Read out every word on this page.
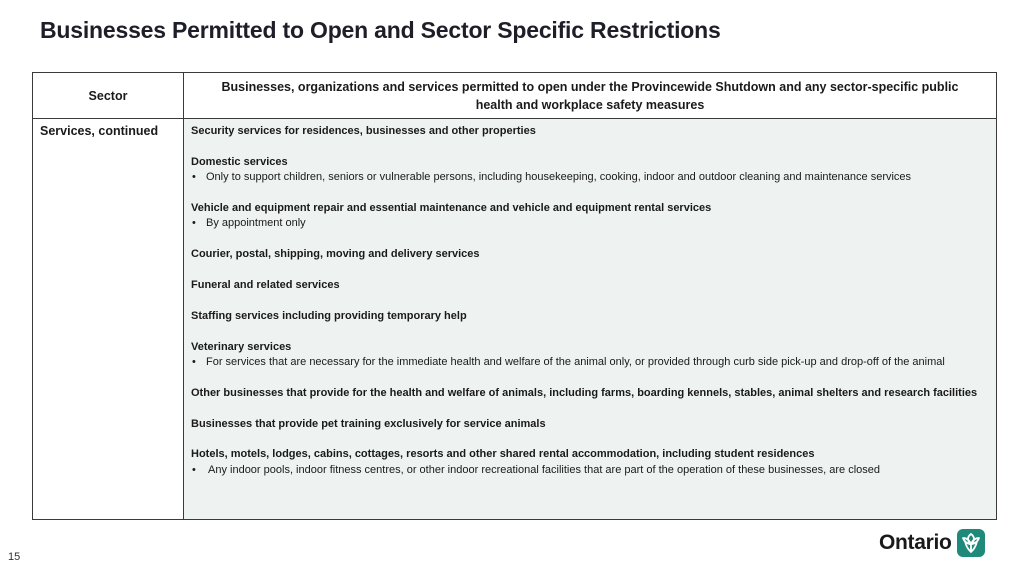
Businesses Permitted to Open and Sector Specific Restrictions
Sector
Businesses, organizations and services permitted to open under the Provincewide Shutdown and any sector-specific public health and workplace safety measures
Services, continued	Security services for residences, businesses and other properties
Domestic services
• Only to support children, seniors or vulnerable persons, including housekeeping, cooking, indoor and outdoor cleaning and maintenance services
Vehicle and equipment repair and essential maintenance and vehicle and equipment rental services
• By appointment only
Courier, postal, shipping, moving and delivery services
Funeral and related services
Staffing services including providing temporary help
Veterinary services
• For services that are necessary for the immediate health and welfare of the animal only, or provided through curb side pick-up and drop-off of the animal
Other businesses that provide for the health and welfare of animals, including farms, boarding kennels, stables, animal shelters and research facilities
Businesses that provide pet training exclusively for service animals
Hotels, motels, lodges, cabins, cottages, resorts and other shared rental accommodation, including student residences
• Any indoor pools, indoor fitness centres, or other indoor recreational facilities that are part of the operation of these businesses, are closed
15
Ontario
